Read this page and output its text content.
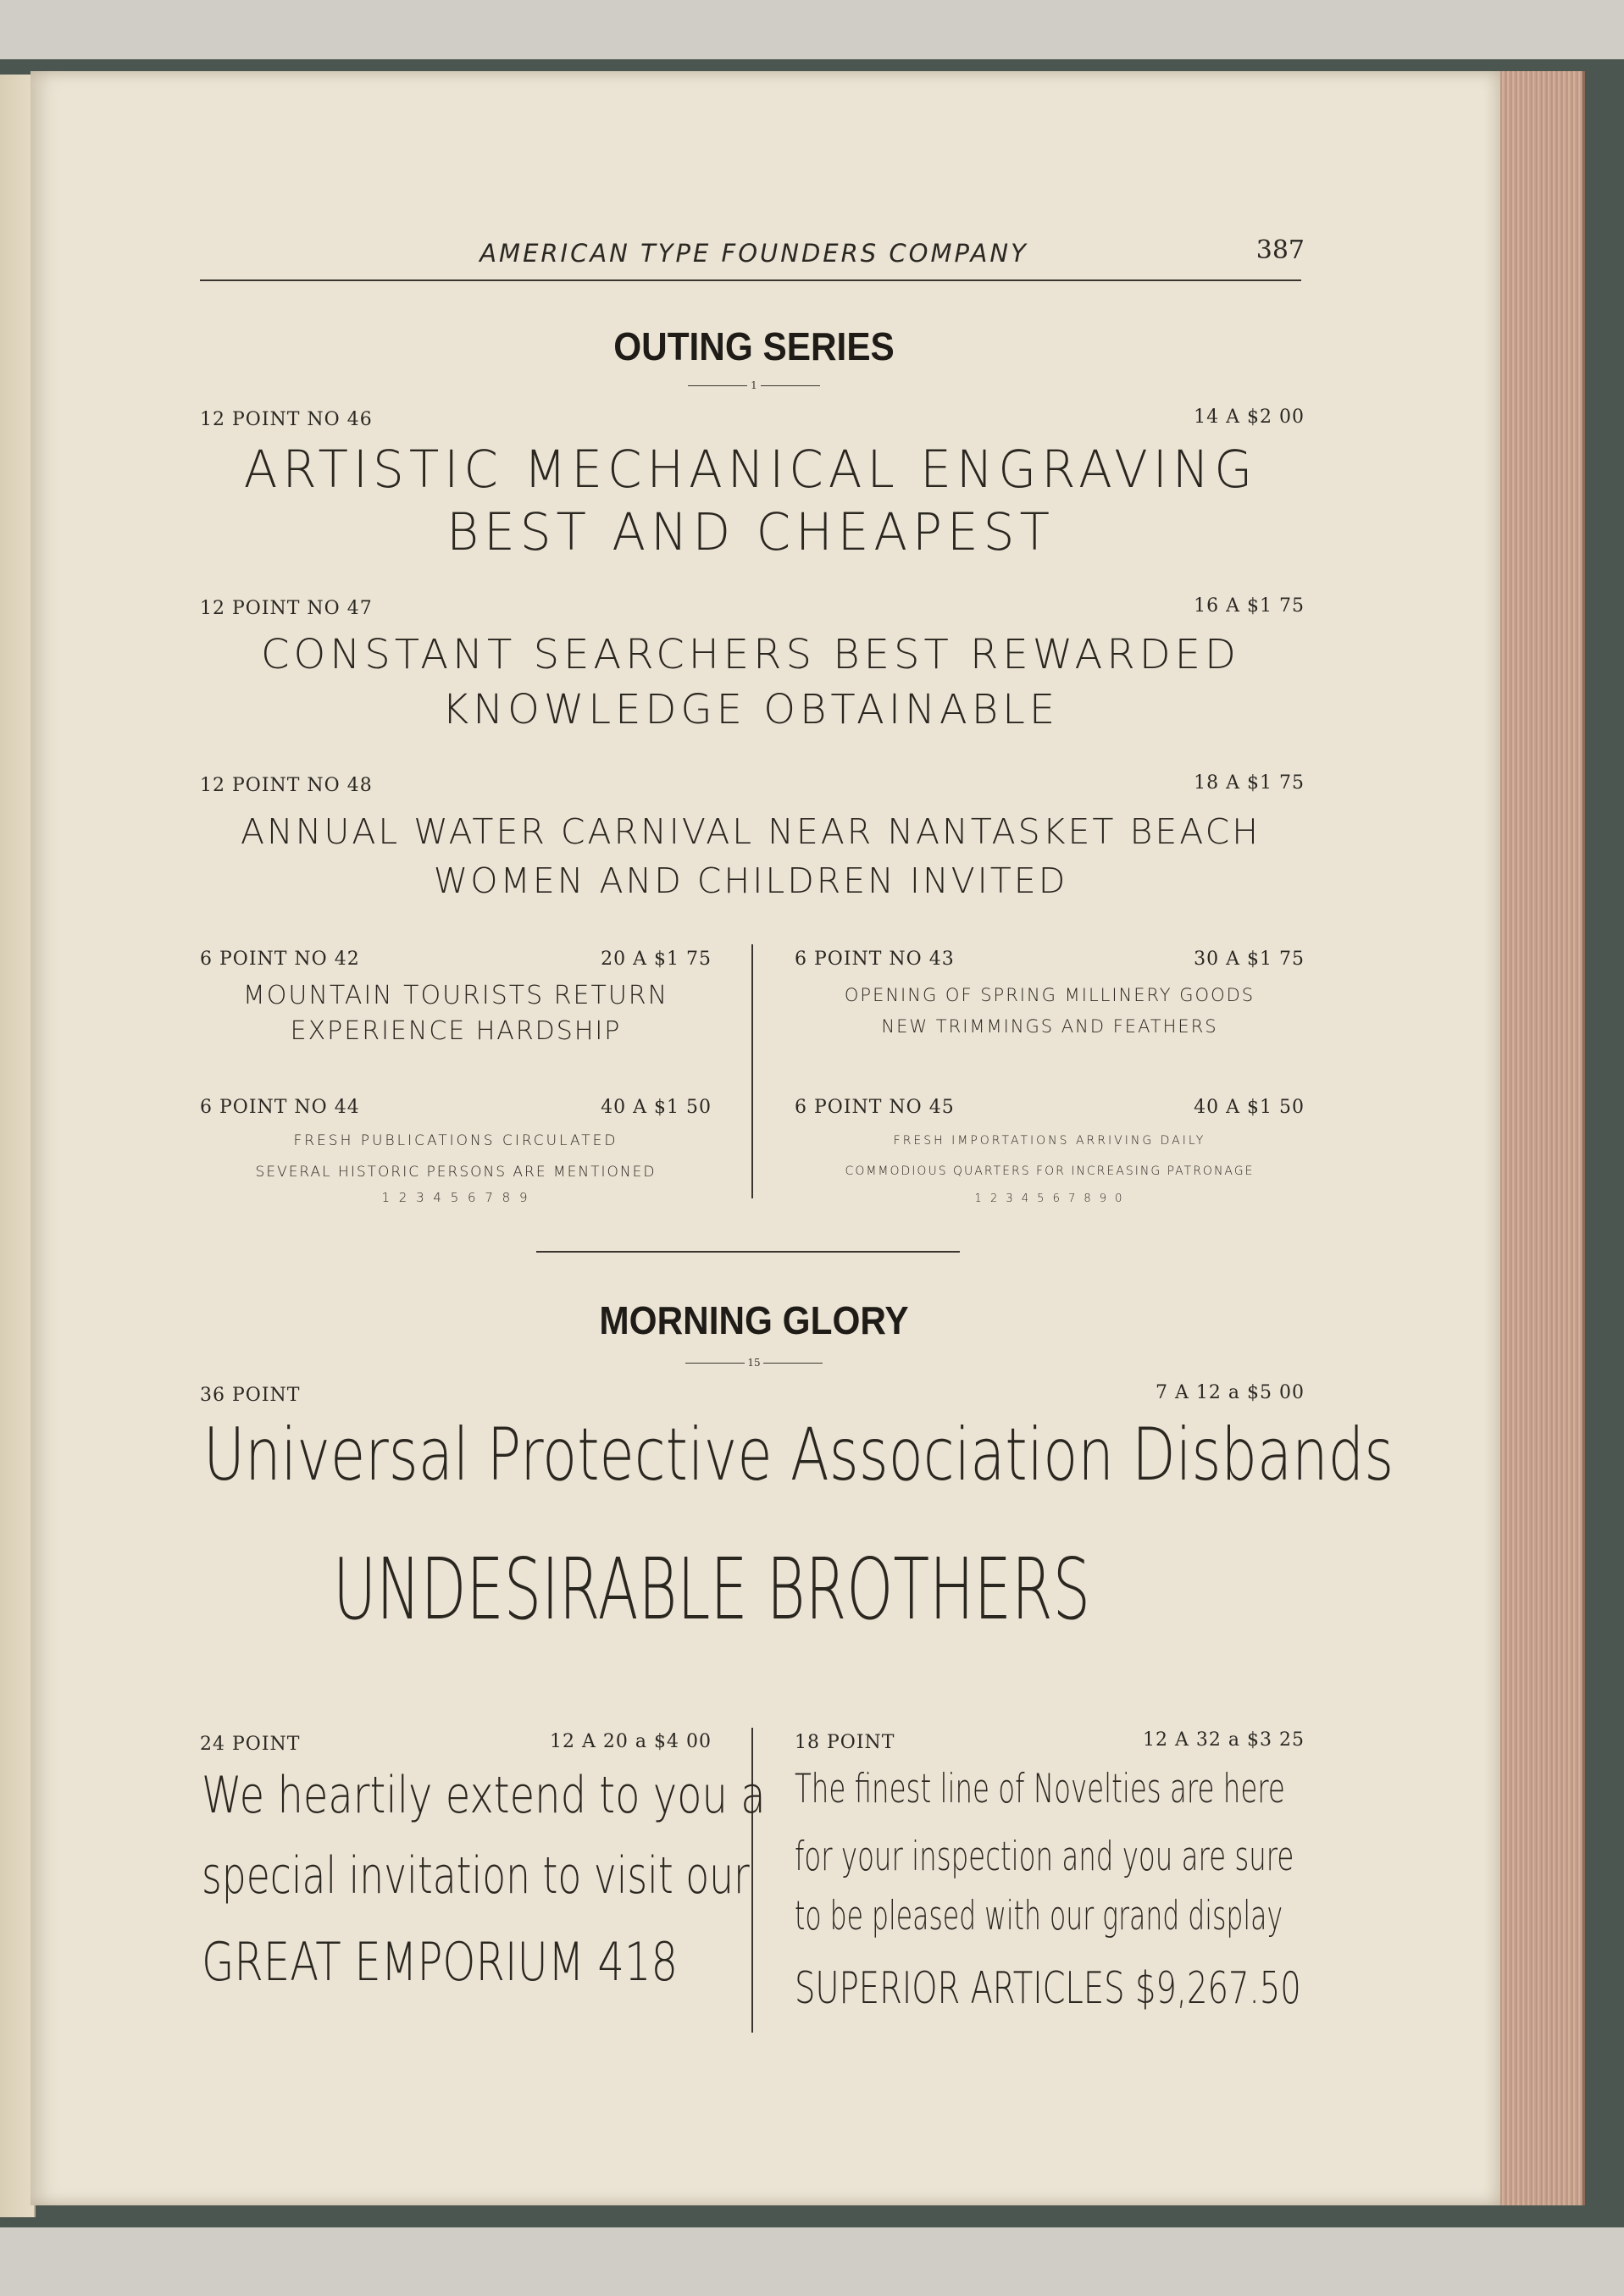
AMERICAN TYPE FOUNDERS COMPANY	387
OUTING SERIES
1
12 POINT NO 46	14 A $2 00
ARTISTIC MECHANICAL ENGRAVING
BEST AND CHEAPEST
12 POINT NO 47	16 A $1 75
CONSTANT SEARCHERS BEST REWARDED
KNOWLEDGE OBTAINABLE
12 POINT NO 48	18 A $1 75
ANNUAL WATER CARNIVAL NEAR NANTASKET BEACH
WOMEN AND CHILDREN INVITED
6 POINT NO 42	20 A $1 75
MOUNTAIN TOURISTS RETURN
EXPERIENCE HARDSHIP
6 POINT NO 43	30 A $1 75
OPENING OF SPRING MILLINERY GOODS
NEW TRIMMINGS AND FEATHERS
6 POINT NO 44	40 A $1 50
FRESH PUBLICATIONS CIRCULATED
SEVERAL HISTORIC PERSONS ARE MENTIONED
1 2 3 4 5 6 7 8 9
6 POINT NO 45	40 A $1 50
FRESH IMPORTATIONS ARRIVING DAILY
COMMODIOUS QUARTERS FOR INCREASING PATRONAGE
1 2 3 4 5 6 7 8 9 0
MORNING GLORY
15
36 POINT	7 A 12 a $5 00
Universal Protective Association Disbands
UNDESIRABLE BROTHERS
24 POINT	12 A 20 a $4 00
We heartily extend to you a
special invitation to visit our
GREAT EMPORIUM 418
18 POINT	12 A 32 a $3 25
The finest line of Novelties are here
for your inspection and you are sure
to be pleased with our grand display
SUPERIOR ARTICLES $9,267.50
